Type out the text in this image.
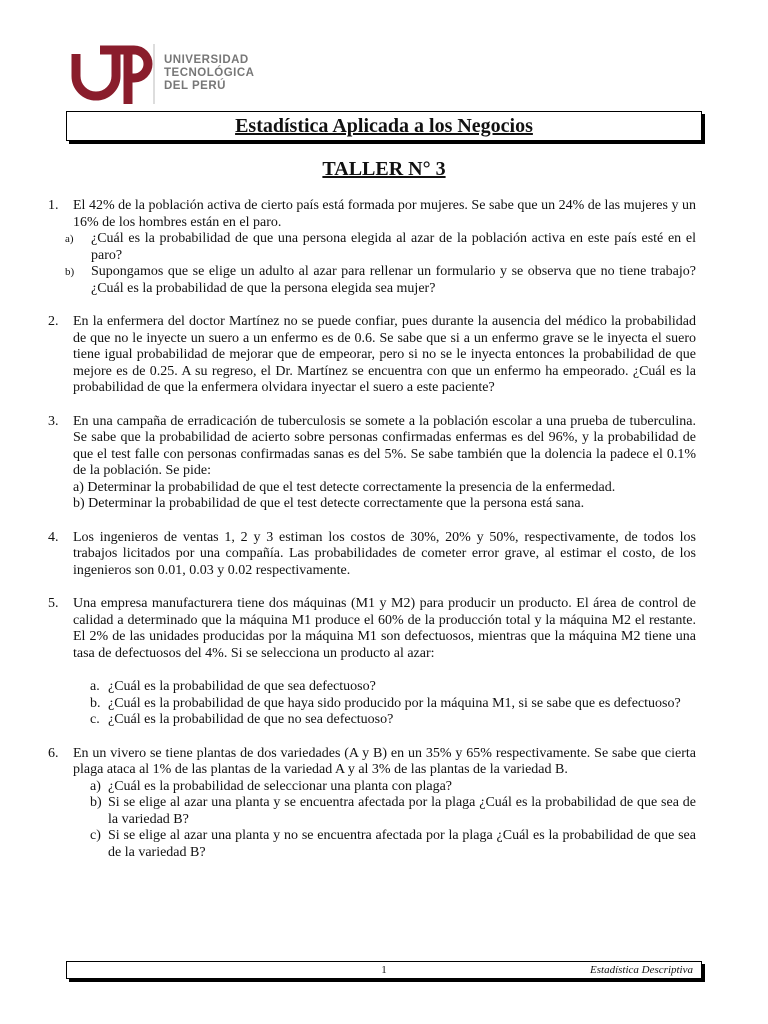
UNIVERSIDAD
TECNOLÓGICA
DEL PERÚ
Estadística Aplicada a los Negocios
TALLER N° 3
1. El 42% de la población activa de cierto país está formada por mujeres. Se sabe que un 24% de las mujeres y un 16% de los hombres están en el paro.
a) ¿Cuál es la probabilidad de que una persona elegida al azar de la población activa en este país esté en el paro?
b) Supongamos que se elige un adulto al azar para rellenar un formulario y se observa que no tiene trabajo? ¿Cuál es la probabilidad de que la persona elegida sea mujer?
2. En la enfermera del doctor Martínez no se puede confiar, pues durante la ausencia del médico la probabilidad de que no le inyecte un suero a un enfermo es de 0.6. Se sabe que si a un enfermo grave se le inyecta el suero tiene igual probabilidad de mejorar que de empeorar, pero si no se le inyecta entonces la probabilidad de que mejore es de 0.25. A su regreso, el Dr. Martínez se encuentra con que un enfermo ha empeorado. ¿Cuál es la probabilidad de que la enfermera olvidara inyectar el suero a este paciente?
3. En una campaña de erradicación de tuberculosis se somete a la población escolar a una prueba de tuberculina. Se sabe que la probabilidad de acierto sobre personas confirmadas enfermas es del 96%, y la probabilidad de que el test falle con personas confirmadas sanas es del 5%. Se sabe también que la dolencia la padece el 0.1% de la población. Se pide:
a) Determinar la probabilidad de que el test detecte correctamente la presencia de la enfermedad.
b) Determinar la probabilidad de que el test detecte correctamente que la persona está sana.
4. Los ingenieros de ventas 1, 2 y 3 estiman los costos de 30%, 20% y 50%, respectivamente, de todos los trabajos licitados por una compañía. Las probabilidades de cometer error grave, al estimar el costo, de los ingenieros son 0.01, 0.03 y 0.02 respectivamente.
5. Una empresa manufacturera tiene dos máquinas (M1 y M2) para producir un producto. El área de control de calidad a determinado que la máquina M1 produce el 60% de la producción total y la máquina M2 el restante. El 2% de las unidades producidas por la máquina M1 son defectuosos, mientras que la máquina M2 tiene una tasa de defectuosos del 4%. Si se selecciona un producto al azar:
a. ¿Cuál es la probabilidad de que sea defectuoso?
b. ¿Cuál es la probabilidad de que haya sido producido por la máquina M1, si se sabe que es defectuoso?
c. ¿Cuál es la probabilidad de que no sea defectuoso?
6. En un vivero se tiene plantas de dos variedades (A y B) en un 35% y 65% respectivamente. Se sabe que cierta plaga ataca al 1% de las plantas de la variedad A y al 3% de las plantas de la variedad B.
a) ¿Cuál es la probabilidad de seleccionar una planta con plaga?
b) Si se elige al azar una planta y se encuentra afectada por la plaga ¿Cuál es la probabilidad de que sea de la variedad B?
c) Si se elige al azar una planta y no se encuentra afectada por la plaga ¿Cuál es la probabilidad de que sea de la variedad B?
1	Estadística Descriptiva
